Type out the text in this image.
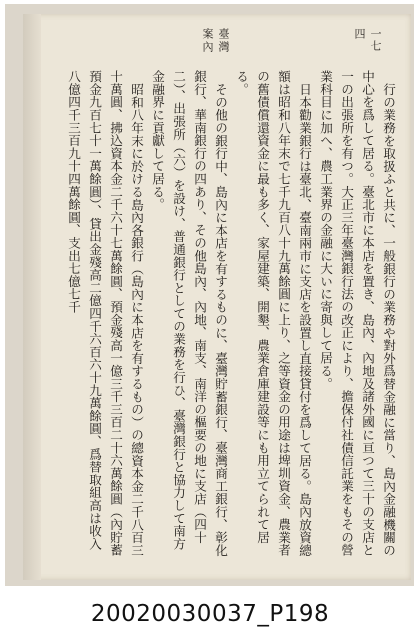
一七四
臺灣案內

行の業務を取扱ふと共に、一般銀行の業務や對外爲替金融に當り、島內金融機關の中心を爲して居る。臺北市に本店を置き、島內、內地及諸外國に亘つて三十の支店と一の出張所を有つ。大正三年臺灣銀行法の改正により、擔保付社債信託業をもその營業科目に加へ、農工業界の金融に大いに寄與して居る。

日本勸業銀行は臺北、臺南兩市に支店を設置し直接貸付を爲して居る。島內放資總額は昭和八年末で七千九百八十九萬餘圓に上り、之等資金の用途は埤圳資金、農業者の舊債償還資金に最も多く、家屋建築、開墾、農業倉庫建設等にも用立てられて居る。

その他の銀行中、島內に本店を有するものに、臺灣貯蓄銀行、臺灣商工銀行、彰化銀行、華南銀行の四あり、その他島內、內地、南支、南洋の樞要の地に支店（四十二）、出張所（六）を設け、普通銀行としての業務を行ひ、臺灣銀行と協力して南方金融界に貢獻して居る。

昭和八年末に於ける島內各銀行（島內に本店を有するもの）の總資本金二千八百三十萬圓、拂込資本金二千六十七萬餘圓、預金殘高一億三千三百二十六萬餘圓（內貯蓄預金九百七十一萬餘圓）、貸出金殘高二億四千六百六十九萬餘圓、爲替取組高は收入八億四千三百九十四萬餘圓、支出七億七千

20020030037_P198
